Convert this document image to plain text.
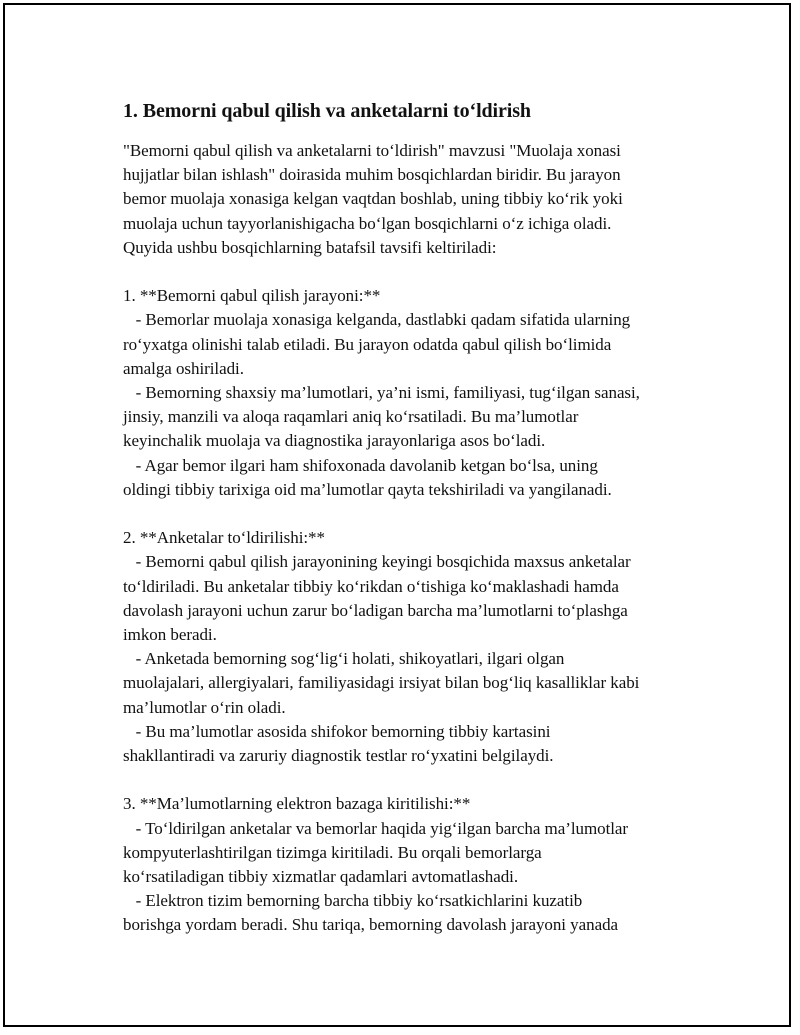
1. Bemorni qabul qilish va anketalarni to‘ldirish
"Bemorni qabul qilish va anketalarni to‘ldirish" mavzusi "Muolaja xonasi
hujjatlar bilan ishlash" doirasida muhim bosqichlardan biridir. Bu jarayon
bemor muolaja xonasiga kelgan vaqtdan boshlab, uning tibbiy ko‘rik yoki
muolaja uchun tayyorlanishigacha bo‘lgan bosqichlarni o‘z ichiga oladi.
Quyida ushbu bosqichlarning batafsil tavsifi keltiriladi:
1. **Bemorni qabul qilish jarayoni:**
- Bemorlar muolaja xonasiga kelganda, dastlabki qadam sifatida ularning
ro‘yxatga olinishi talab etiladi. Bu jarayon odatda qabul qilish bo‘limida
amalga oshiriladi.
- Bemorning shaxsiy ma’lumotlari, ya’ni ismi, familiyasi, tug‘ilgan sanasi,
jinsiy, manzili va aloqa raqamlari aniq ko‘rsatiladi. Bu ma’lumotlar
keyinchalik muolaja va diagnostika jarayonlariga asos bo‘ladi.
- Agar bemor ilgari ham shifoxonada davolanib ketgan bo‘lsa, uning
oldingi tibbiy tarixiga oid ma’lumotlar qayta tekshiriladi va yangilanadi.
2. **Anketalar to‘ldirilishi:**
- Bemorni qabul qilish jarayonining keyingi bosqichida maxsus anketalar
to‘ldiriladi. Bu anketalar tibbiy ko‘rikdan o‘tishiga ko‘maklashadi hamda
davolash jarayoni uchun zarur bo‘ladigan barcha ma’lumotlarni to‘plashga
imkon beradi.
- Anketada bemorning sog‘lig‘i holati, shikoyatlari, ilgari olgan
muolajalari, allergiyalari, familiyasidagi irsiyat bilan bog‘liq kasalliklar kabi
ma’lumotlar o‘rin oladi.
- Bu ma’lumotlar asosida shifokor bemorning tibbiy kartasini
shakllantiradi va zaruriy diagnostik testlar ro‘yxatini belgilaydi.
3. **Ma’lumotlarning elektron bazaga kiritilishi:**
- To‘ldirilgan anketalar va bemorlar haqida yig‘ilgan barcha ma’lumotlar
kompyuterlashtirilgan tizimga kiritiladi. Bu orqali bemorlarga
ko‘rsatiladigan tibbiy xizmatlar qadamlari avtomatlashadi.
- Elektron tizim bemorning barcha tibbiy ko‘rsatkichlarini kuzatib
borishga yordam beradi. Shu tariqa, bemorning davolash jarayoni yanada
